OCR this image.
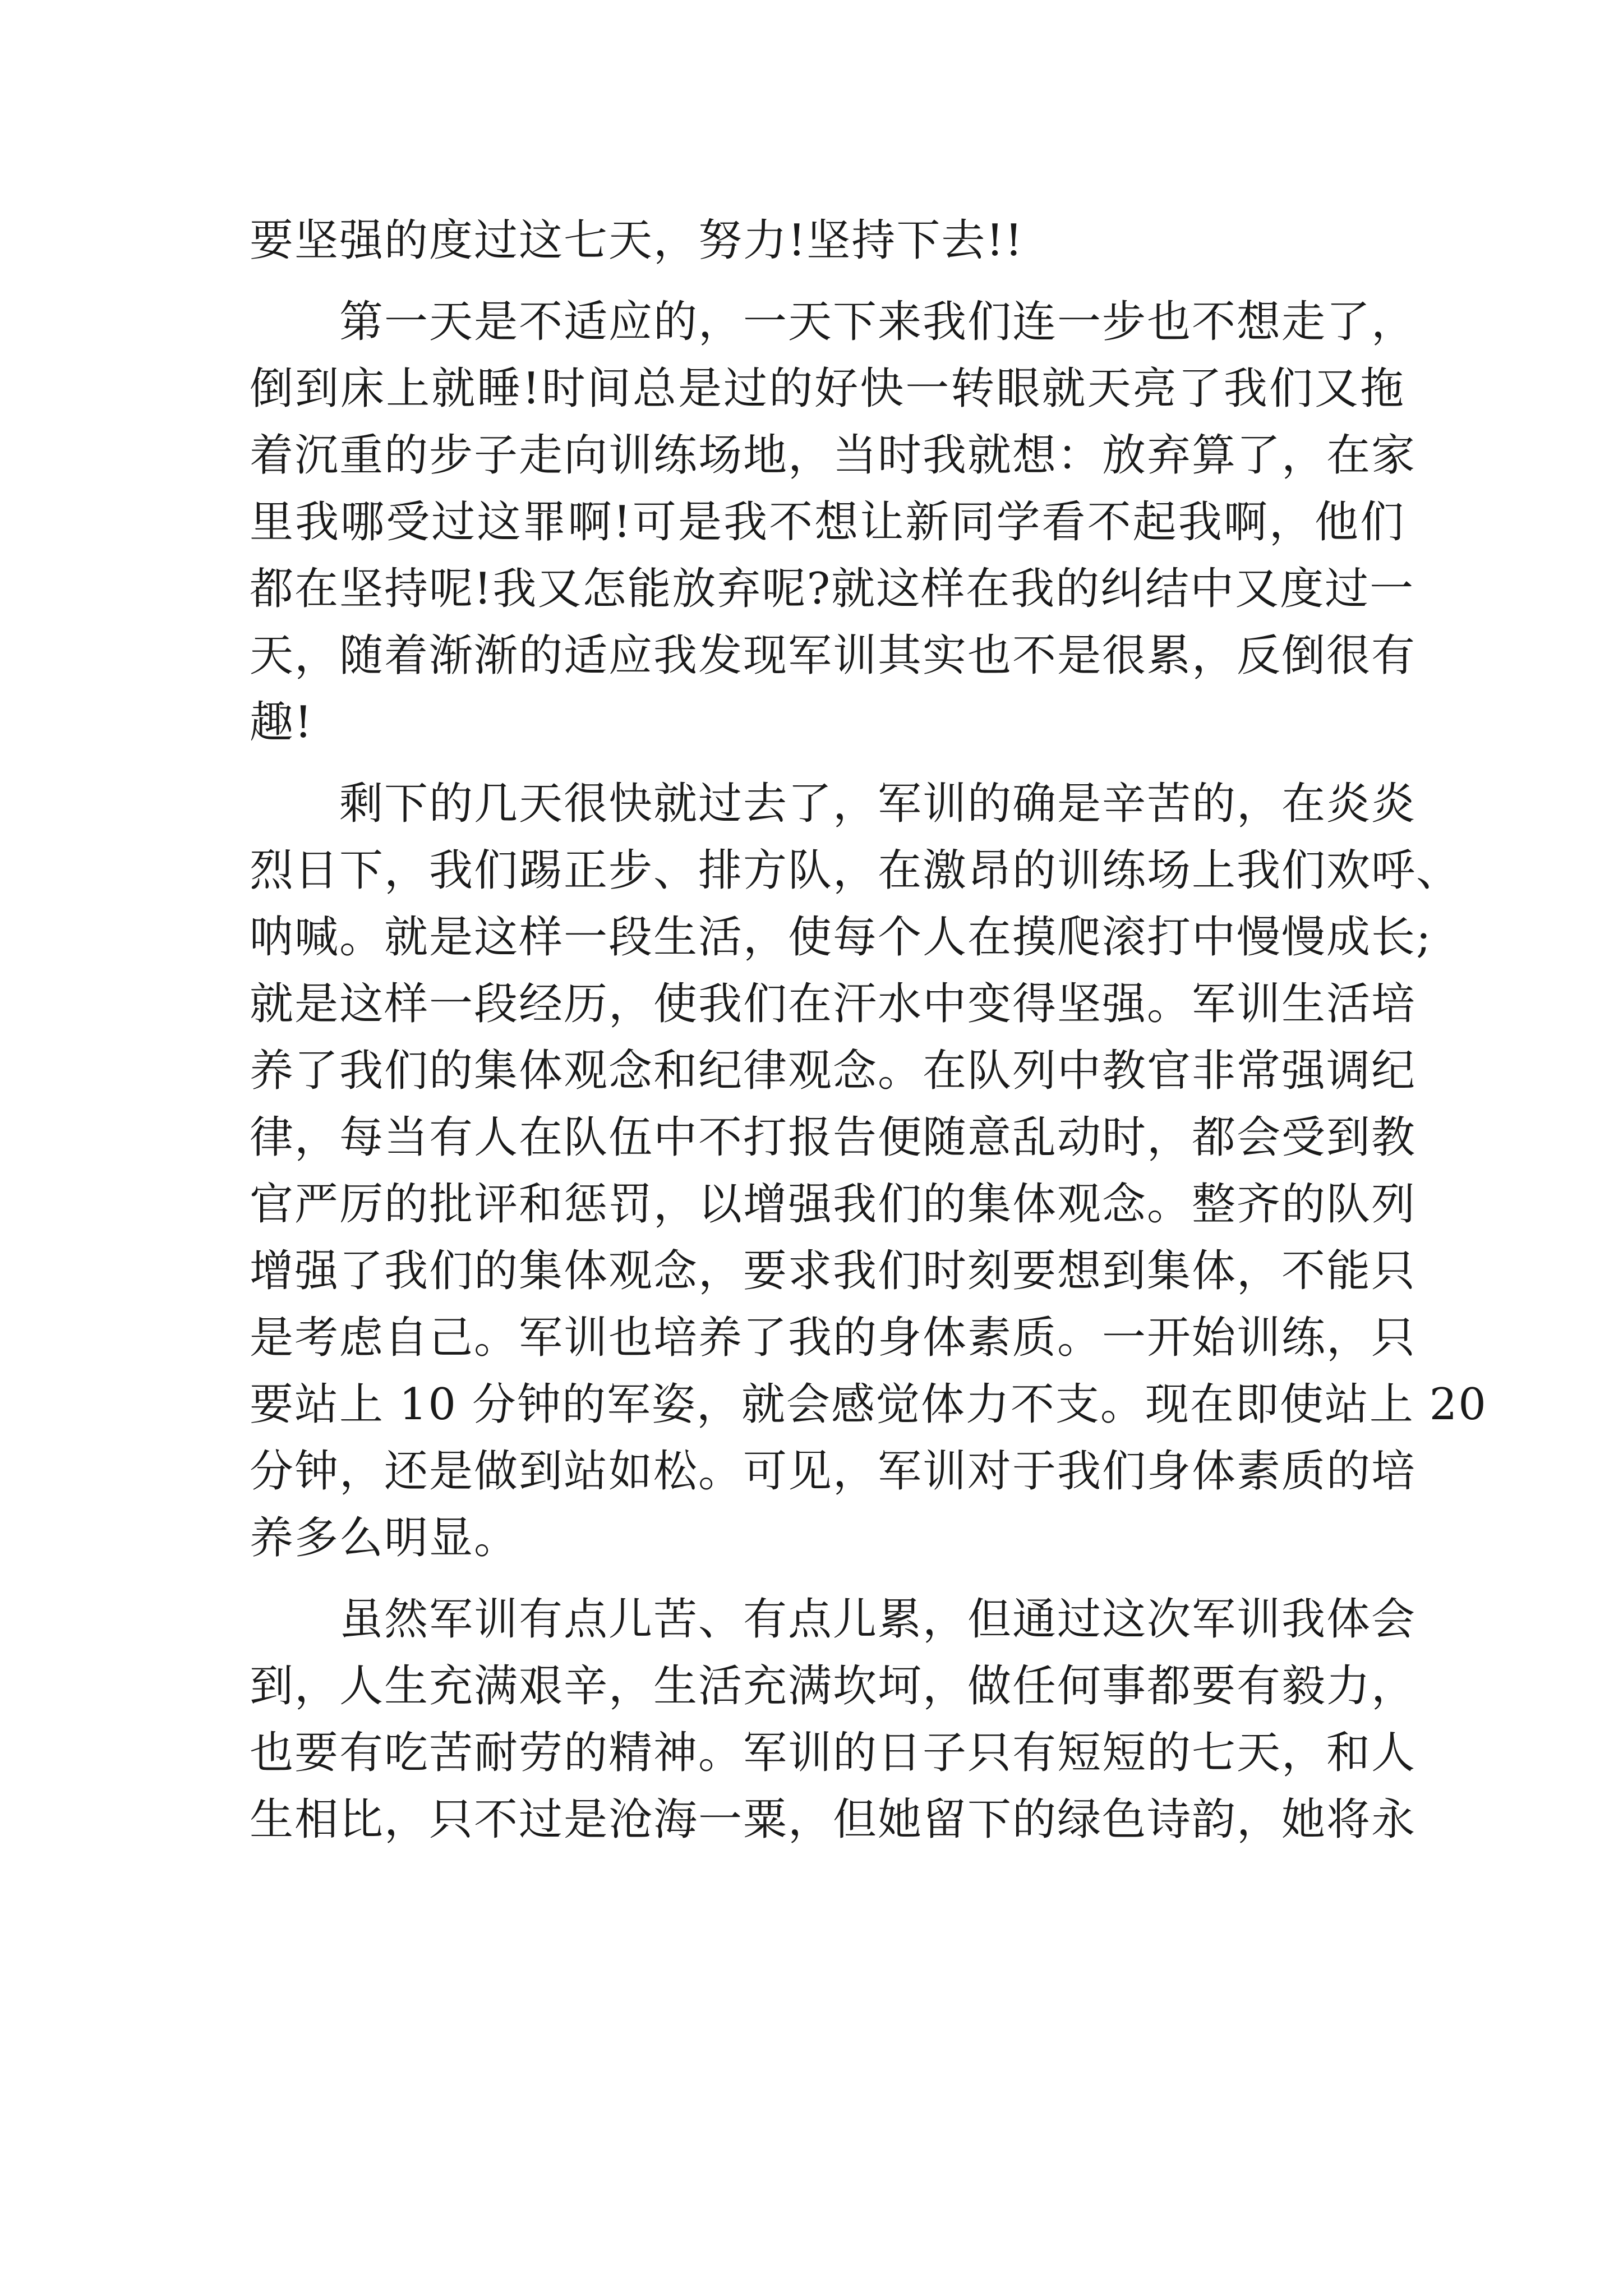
要坚强的度过这七天，努力!坚持下去!!
　　第一天是不适应的，一天下来我们连一步也不想走了，
倒到床上就睡!时间总是过的好快一转眼就天亮了我们又拖
着沉重的步子走向训练场地，当时我就想：放弃算了，在家
里我哪受过这罪啊!可是我不想让新同学看不起我啊，他们
都在坚持呢!我又怎能放弃呢?就这样在我的纠结中又度过一
天，随着渐渐的适应我发现军训其实也不是很累，反倒很有
趣!
　　剩下的几天很快就过去了，军训的确是辛苦的，在炎炎
烈日下，我们踢正步、排方队，在激昂的训练场上我们欢呼、
呐喊。就是这样一段生活，使每个人在摸爬滚打中慢慢成长;
就是这样一段经历，使我们在汗水中变得坚强。军训生活培
养了我们的集体观念和纪律观念。在队列中教官非常强调纪
律，每当有人在队伍中不打报告便随意乱动时，都会受到教
官严厉的批评和惩罚，以增强我们的集体观念。整齐的队列
增强了我们的集体观念，要求我们时刻要想到集体，不能只
是考虑自己。军训也培养了我的身体素质。一开始训练，只
要站上 10 分钟的军姿，就会感觉体力不支。现在即使站上 20
分钟，还是做到站如松。可见，军训对于我们身体素质的培
养多么明显。
　　虽然军训有点儿苦、有点儿累，但通过这次军训我体会
到，人生充满艰辛，生活充满坎坷，做任何事都要有毅力，
也要有吃苦耐劳的精神。军训的日子只有短短的七天，和人
生相比，只不过是沧海一粟，但她留下的绿色诗韵，她将永
